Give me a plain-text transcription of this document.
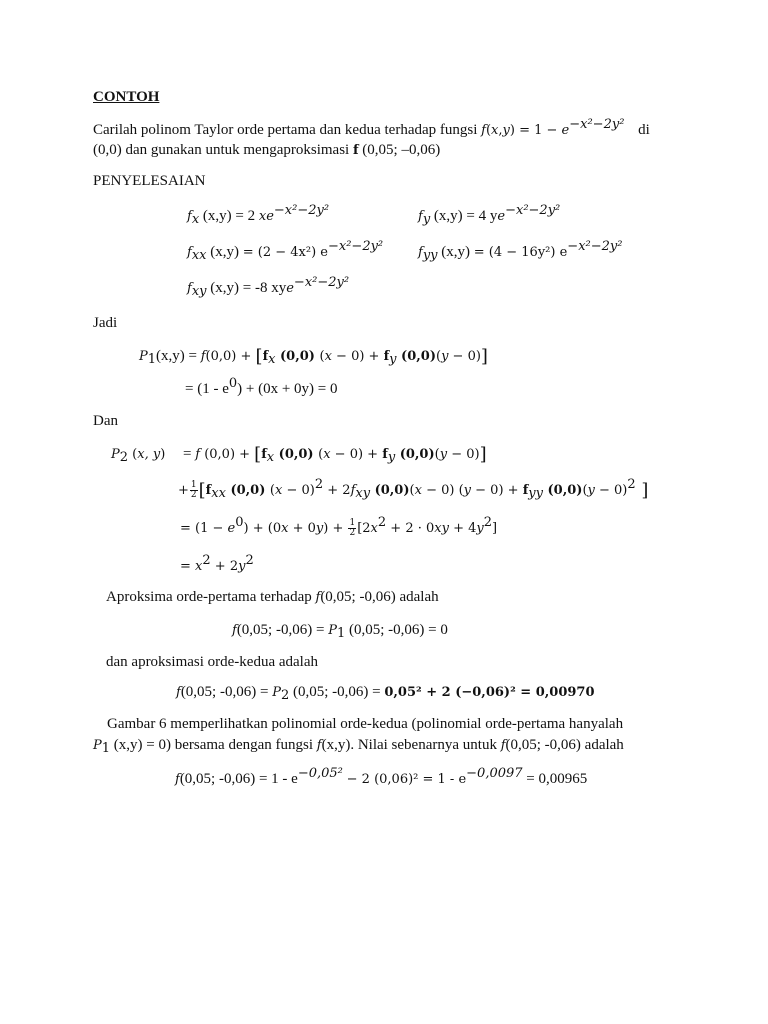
CONTOH
Carilah polinom Taylor orde pertama dan kedua terhadap fungsi $f(x,y) = 1 - e^{-x^2-2y^2}$ di
(0,0) dan gunakan untuk mengaproksimasi f (0,05; –0,06)
PENYELESAIAN
$f_x$ (x,y) = 2 $xe^{-x^2-2y^2}$	$f_y$ (x,y) = 4 $ye^{-x^2-2y^2}$
$f_{xx}$ (x,y) = (2 − 4x²) $e^{-x^2-2y^2}$	$f_{yy}$ (x,y) = (4 − 16y²) $e^{-x^2-2y^2}$
$f_{xy}$ (x,y) = -8 xye$^{-x^2-2y^2}$
Jadi
$P_1(x,y) = f(0,0) + [f_x$ (0,0) $(x - 0) + f_y$ (0,0)(y − 0)]
= $(1 - e^0) + (0x + 0y) = 0$
Dan
$P_2$ (x, y) = f $(0,0) + [f_x$ (0,0) $(x - 0) + f_y$ (0,0)(y − 0)]
+ $\frac{1}{2} [f_{xx}$ (0,0) $(x - 0)^2 + 2f_{xy}$ (0,0)(x − 0) $(y - 0) + f_{yy}$ $(0,0)(y - 0)^2$ ]
= $(1 - e^0) + (0x + 0y) + \frac{1}{2} [2x^2 + 2 \cdot 0xy + 4y^2]$
= $x^2 + 2y^2$
Aproksima orde-pertama terhadap f(0,05; -0,06) adalah
f(0,05; $-0,06) = P_1$ (0,05; -0,06) = 0
dan aproksimasi orde-kedua adalah
f(0,05; $-0,06) = P_2$ (0,05; -0,06) = 0,05² + 2 (−0,06)² = 0,00970
Gambar 6 memperlihatkan polinomial orde-kedua (polinomial orde-pertama hanyalah
$P_1$ (x,y) = 0) bersama dengan fungsi f(x,y). Nilai sebenarnya untuk f(0,05; -0,06) adalah
f(0,05; $-0,06) = 1 - e^{-0,05^2} - 2$ $(0,06)^2 = 1 - e^{-0,0097} = 0,00965$
